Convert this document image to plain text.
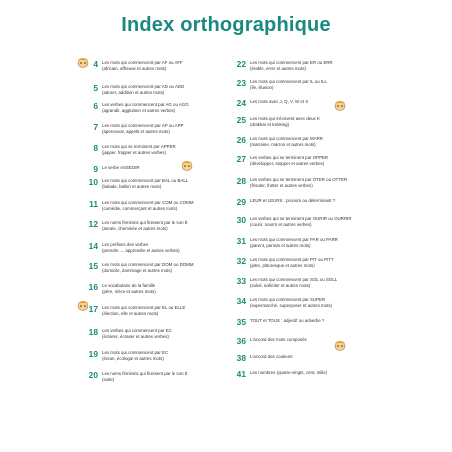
Index orthographique
4 Les mots qui commencent par AF ou AFF
(africain, affreuse et autres mots)
5 Les mots qui commencent par AD ou ADD
(adorer, addition et autres mots)
6 Les verbes qui commencent par AG ou AGG
(agrandir, agglutiner et autres verbes)
7 Les mots qui commencent par AP ou APP
(apercevoir, appétit et autres mots)
8 Les mots qui se terminent par APPER
(japper, frapper et autres verbes)
9 Le verbe ASSEOIR
10 Les mots qui commencent par BAL ou BALL
(balade, ballon et autres mots)
11 Les mots qui commencent par COM ou COMM
(comédie, commerçant et autres mots)
12 Les noms féminins qui finissent par le son É
(année, cheminée et autres mots)
14 Les préfixes des verbes
(prendre → apprendre et autres verbes)
15 Les mots qui commencent par DOM ou DOMM
(domicile, dommage et autres mots)
16 Le vocabulaire de la famille
(père, nièce et autres mots)
17 Les mots qui commencent par EL ou ELLE
(élection, elle et autres mots)
18 Les verbes qui commencent par EC
(éclairer, écraser et autres verbes)
19 Les mots qui commencent par EC
(écran, écologie et autres mots)
20 Les noms féminins qui finissent par le son É
(suite)
22 Les mots qui commencent par ER ou ERR
(érable, errer et autres mots)
23 Les mots qui commencent par IL ou ILL
(île, illusion)
24 Les mots avec J, Q, V, W et X
25 Les mots qui s'écrivent avec deux K
(drakkar et trekking)
26 Les mots qui commencent par MARR
(marraine, marron et autres mots)
27 Les verbes qui se terminent par OPPER
(développer, stopper et autres verbes)
28 Les verbes qui se terminent par OTER ou OTTER
(frisoter, frotter et autres verbes)
29 LEUR et LEURS : pronom ou déterminant ?
30 Les verbes qui se terminent par OURIR ou OURRIR
(courir, nourrir et autres verbes)
31 Les mots qui commencent par PAR ou PARR
(parent, parrain et autres mots)
32 Les mots qui commencent par PIT ou PITT
(pitre, pittoresque et autres mots)
33 Les mots qui commencent par SOL ou SOLL
(soleil, solliciter et autres mots)
34 Les mots qui commencent par SUPER
(supermarché, superposer et autres mots)
35 TOUT et TOUS : adjectif ou adverbe ?
36 L'accord des mots composés
38 L'accord des couleurs
41 Les nombres (quatre-vingts, cent, mille)
